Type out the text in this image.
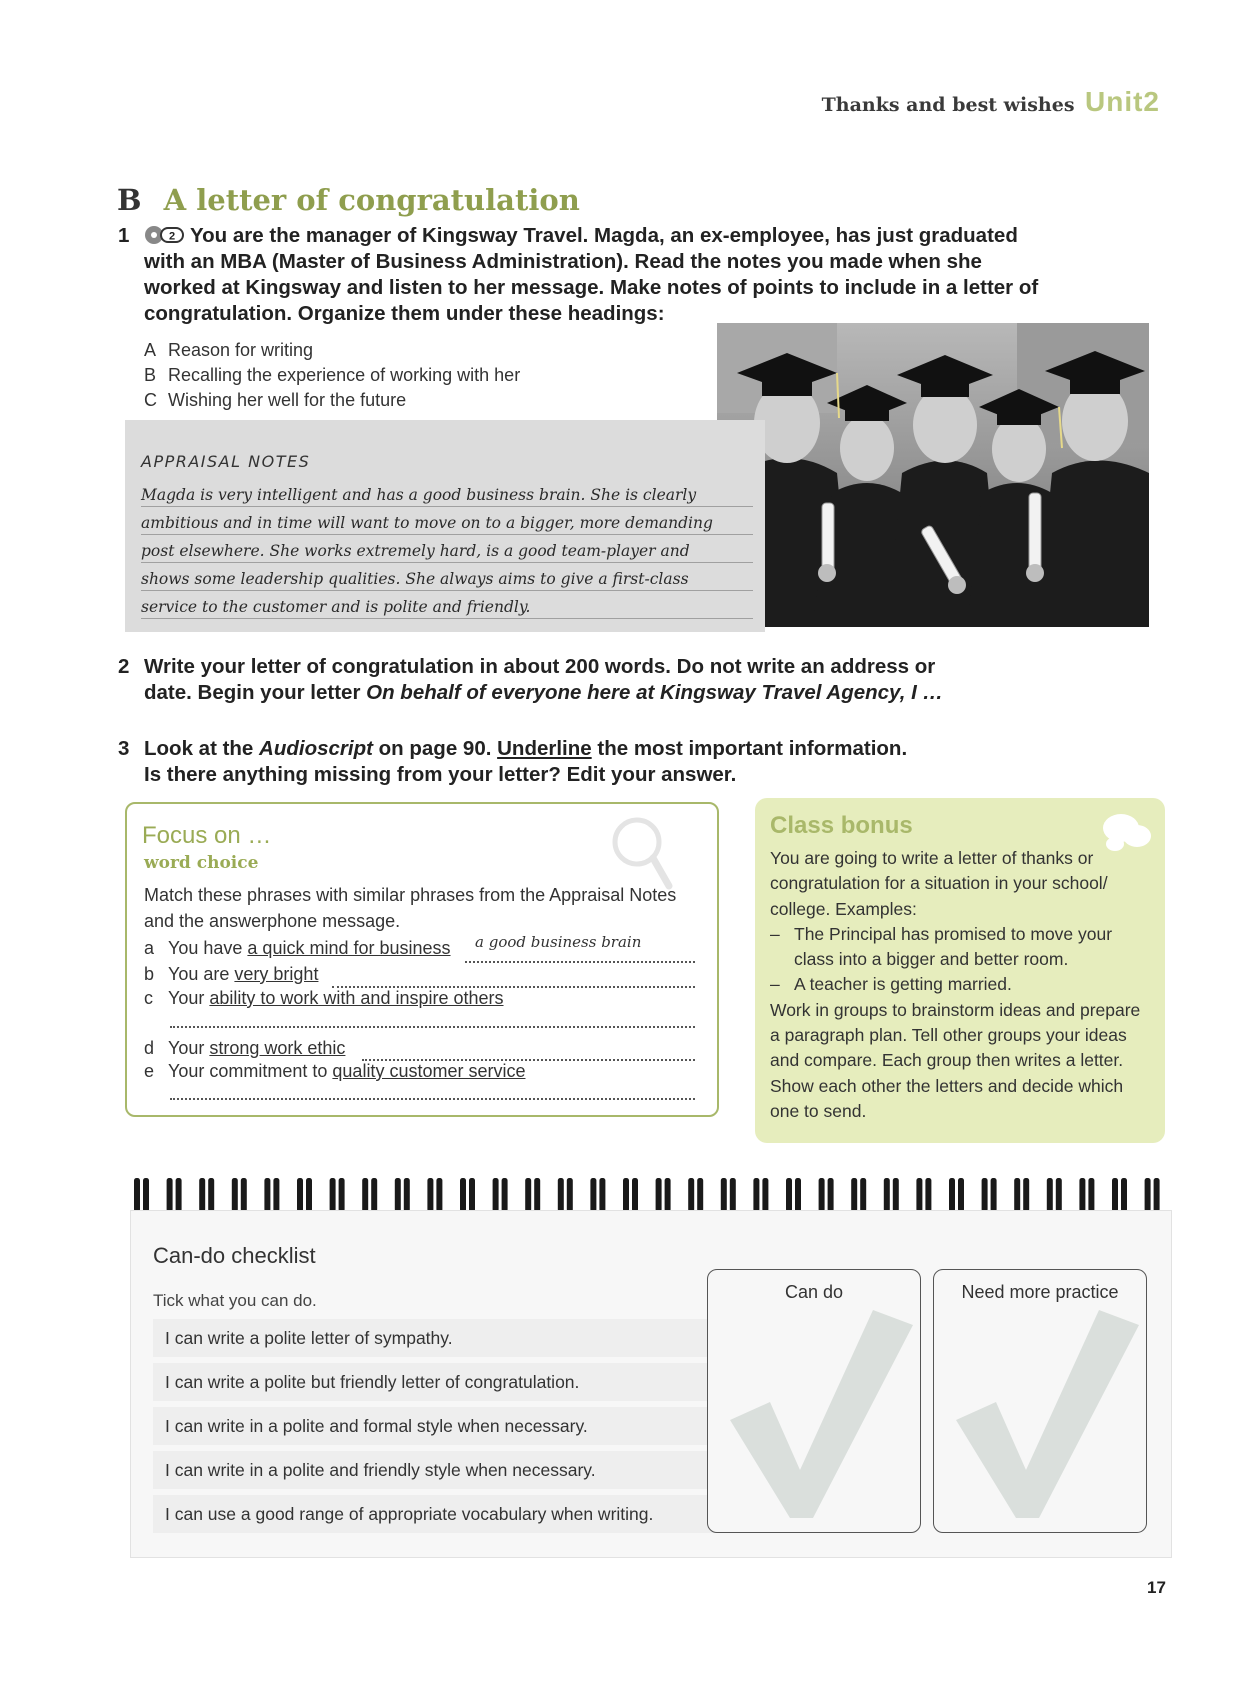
Thanks and best wishes Unit2
B A letter of congratulation
1	2 You are the manager of Kingsway Travel. Magda, an ex-employee, has just graduated
with an MBA (Master of Business Administration). Read the notes you made when she
worked at Kingsway and listen to her message. Make notes of points to include in a letter of
congratulation. Organize them under these headings:
A Reason for writing
B Recalling the experience of working with her
C Wishing her well for the future
APPRAISAL NOTES
Magda is very intelligent and has a good business brain. She is clearly
ambitious and in time will want to move on to a bigger, more demanding
post elsewhere. She works extremely hard, is a good team-player and
shows some leadership qualities. She always aims to give a first-class
service to the customer and is polite and friendly.
2 Write your letter of congratulation in about 200 words. Do not write an address or
date. Begin your letter On behalf of everyone here at Kingsway Travel Agency, I …
3 Look at the Audioscript on page 90. Underline the most important information.
Is there anything missing from your letter? Edit your answer.
Focus on …
word choice
Match these phrases with similar phrases from the Appraisal Notes and the answerphone message.
a You have a quick mind for business	a good business brain
b You are very bright
c Your ability to work with and inspire others
d Your strong work ethic
e Your commitment to quality customer service
Class bonus
You are going to write a letter of thanks or congratulation for a situation in your school/ college. Examples:
– The Principal has promised to move your
class into a bigger and better room.
– A teacher is getting married.
Work in groups to brainstorm ideas and prepare a paragraph plan. Tell other groups your ideas and compare. Each group then writes a letter. Show each other the letters and decide which one to send.
Can-do checklist
Tick what you can do.
I can write a polite letter of sympathy.
I can write a polite but friendly letter of congratulation.
I can write in a polite and formal style when necessary.
I can write in a polite and friendly style when necessary.
I can use a good range of appropriate vocabulary when writing.
Can do	Need more practice
17
